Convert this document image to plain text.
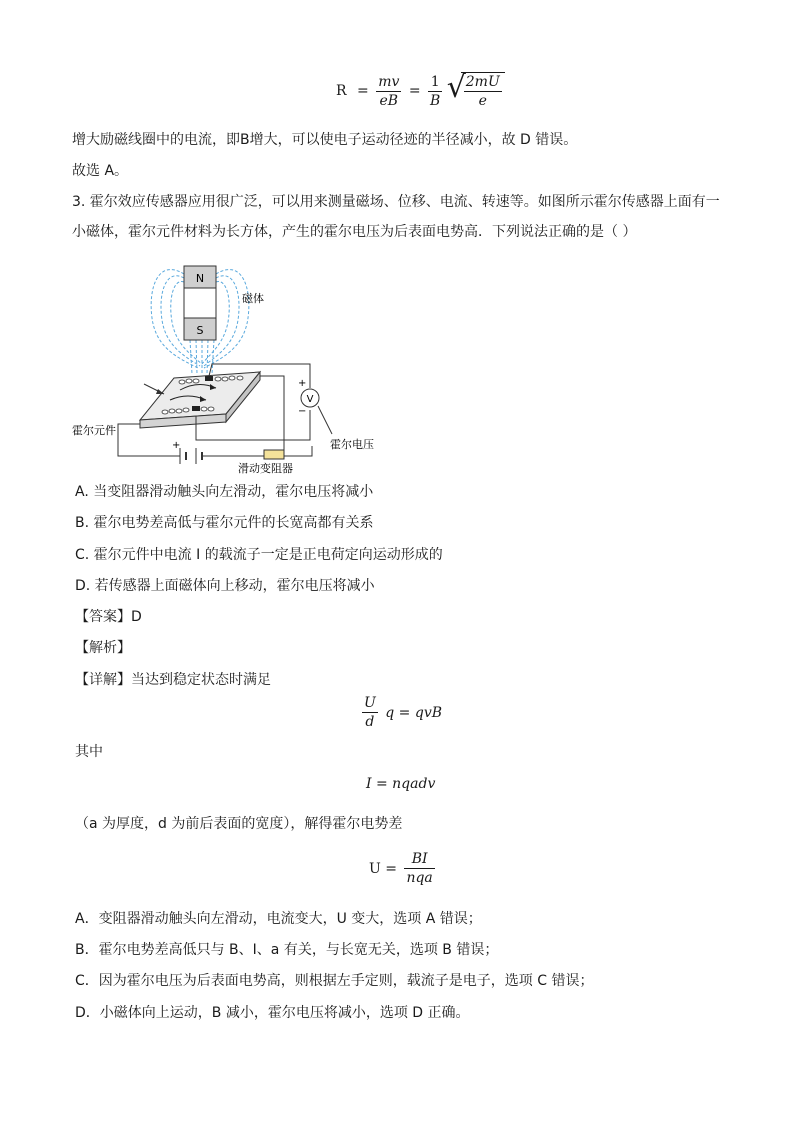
$R = \frac{mv}{eB} = \frac{1}{B}$
√
$\frac{2mU}{e}$
增大励磁线圈中的电流，即B增大，可以使电子运动径迹的半径减小，故 D 错误。
故选 A。
3. 霍尔效应传感器应用很广泛，可以用来测量磁场、位移、电流、转速等。如图所示霍尔传感器上面有一
小磁体，霍尔元件材料为长方体，产生的霍尔电压为后表面电势高．下列说法正确的是（ ）
N
S
磁体
+
滑动变阻器
V
+
−
霍尔电压
霍尔元件
A. 当变阻器滑动触头向左滑动，霍尔电压将减小
B. 霍尔电势差高低与霍尔元件的长宽高都有关系
C. 霍尔元件中电流 I 的载流子一定是正电荷定向运动形成的
D. 若传感器上面磁体向上移动，霍尔电压将减小
【答案】D
【解析】
【详解】当达到稳定状态时满足
$\frac{U}{d}$ q = qvB
其中
I = nqadv
（a 为厚度，d 为前后表面的宽度），解得霍尔电势差
$U = \frac{BI}{\text{nqa}}$
A．变阻器滑动触头向左滑动，电流变大，U 变大，选项 A 错误；
B．霍尔电势差高低只与 B、I、a 有关，与长宽无关，选项 B 错误；
C．因为霍尔电压为后表面电势高，则根据左手定则，载流子是电子，选项 C 错误；
D．小磁体向上运动，B 减小，霍尔电压将减小，选项 D 正确。
